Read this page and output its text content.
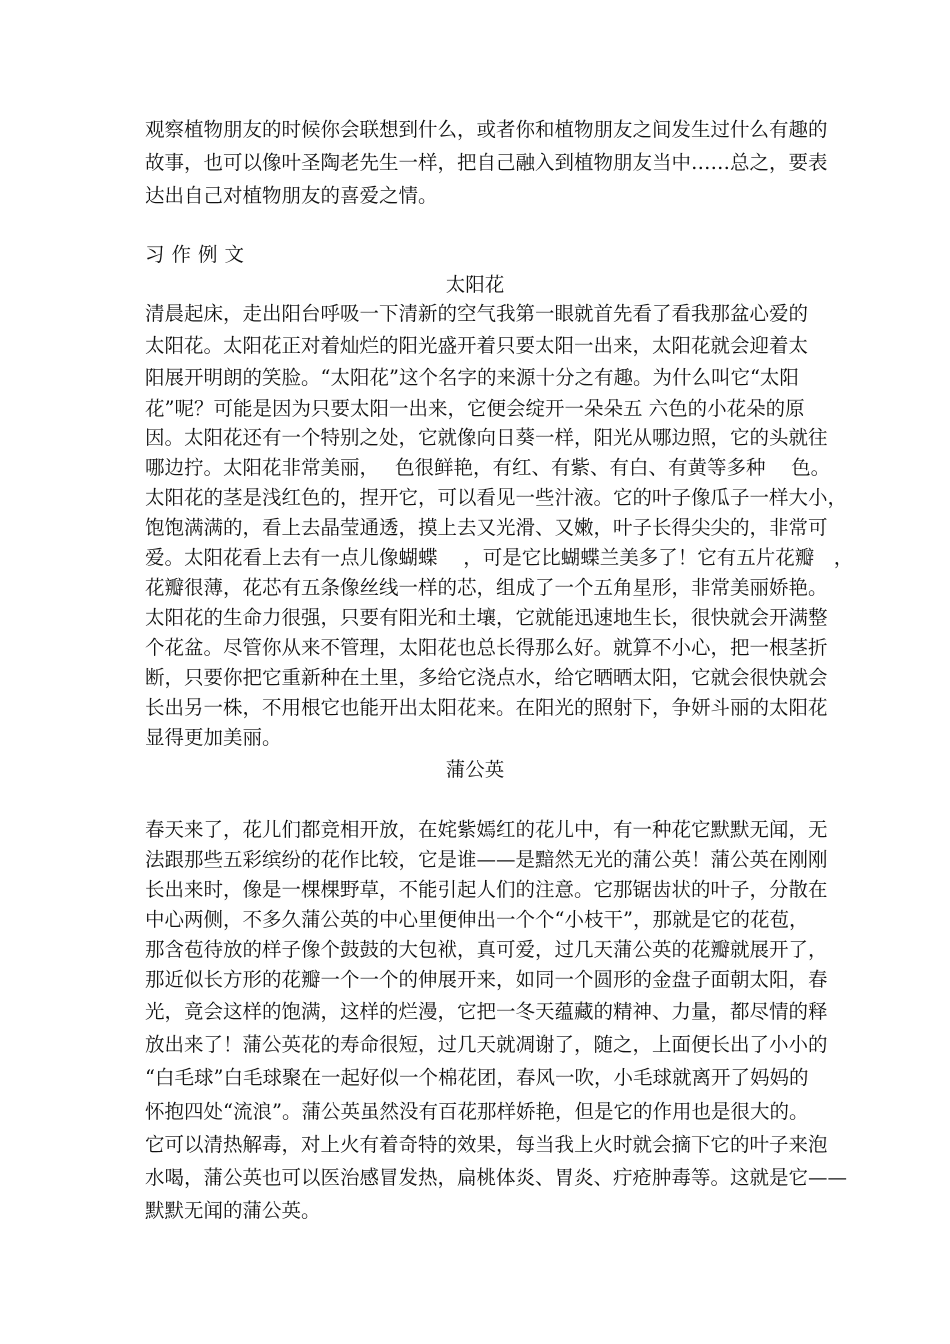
观察植物朋友的时候你会联想到什么，或者你和植物朋友之间发生过什么有趣的
故事，也可以像叶圣陶老先生一样，把自己融入到植物朋友当中……总之，要表
达出自己对植物朋友的喜爱之情。
习作例文
太阳花
清晨起床，走出阳台呼吸一下清新的空气我第一眼就首先看了看我那盆心爱的
太阳花。太阳花正对着灿烂的阳光盛开着只要太阳一出来，太阳花就会迎着太
阳展开明朗的笑脸。“太阳花”这个名字的来源十分之有趣。为什么叫它“太阳
花”呢？可能是因为只要太阳一出来，它便会绽开一朵朵五 六色的小花朵的原
因。太阳花还有一个特别之处，它就像向日葵一样，阳光从哪边照，它的头就往
哪边拧。太阳花非常美丽，　 色很鲜艳，有红、有紫、有白、有黄等多种　 色。
太阳花的茎是浅红色的，捏开它，可以看见一些汁液。它的叶子像瓜子一样大小，
饱饱满满的，看上去晶莹通透，摸上去又光滑、又嫩，叶子长得尖尖的，非常可
爱。太阳花看上去有一点儿像蝴蝶　 ，可是它比蝴蝶兰美多了！它有五片花瓣　，
花瓣很薄，花芯有五条像丝线一样的芯，组成了一个五角星形，非常美丽娇艳。
太阳花的生命力很强，只要有阳光和土壤，它就能迅速地生长，很快就会开满整
个花盆。尽管你从来不管理，太阳花也总长得那么好。就算不小心，把一根茎折
断，只要你把它重新种在土里，多给它浇点水，给它晒晒太阳，它就会很快就会
长出另一株，不用根它也能开出太阳花来。在阳光的照射下，争妍斗丽的太阳花
显得更加美丽。
蒲公英
春天来了，花儿们都竞相开放，在姹紫嫣红的花儿中，有一种花它默默无闻，无
法跟那些五彩缤纷的花作比较，它是谁——是黯然无光的蒲公英！蒲公英在刚刚
长出来时，像是一棵棵野草，不能引起人们的注意。它那锯齿状的叶子，分散在
中心两侧，不多久蒲公英的中心里便伸出一个个“小枝干”，那就是它的花苞，
那含苞待放的样子像个鼓鼓的大包袱，真可爱，过几天蒲公英的花瓣就展开了，
那近似长方形的花瓣一个一个的伸展开来，如同一个圆形的金盘子面朝太阳，春
光，竟会这样的饱满，这样的烂漫，它把一冬天蕴藏的精神、力量，都尽情的释
放出来了！蒲公英花的寿命很短，过几天就凋谢了，随之，上面便长出了小小的
“白毛球”白毛球聚在一起好似一个棉花团，春风一吹，小毛球就离开了妈妈的
怀抱四处“流浪”。蒲公英虽然没有百花那样娇艳，但是它的作用也是很大的。
它可以清热解毒，对上火有着奇特的效果，每当我上火时就会摘下它的叶子来泡
水喝，蒲公英也可以医治感冒发热，扁桃体炎、胃炎、疔疮肿毒等。这就是它——
默默无闻的蒲公英。
